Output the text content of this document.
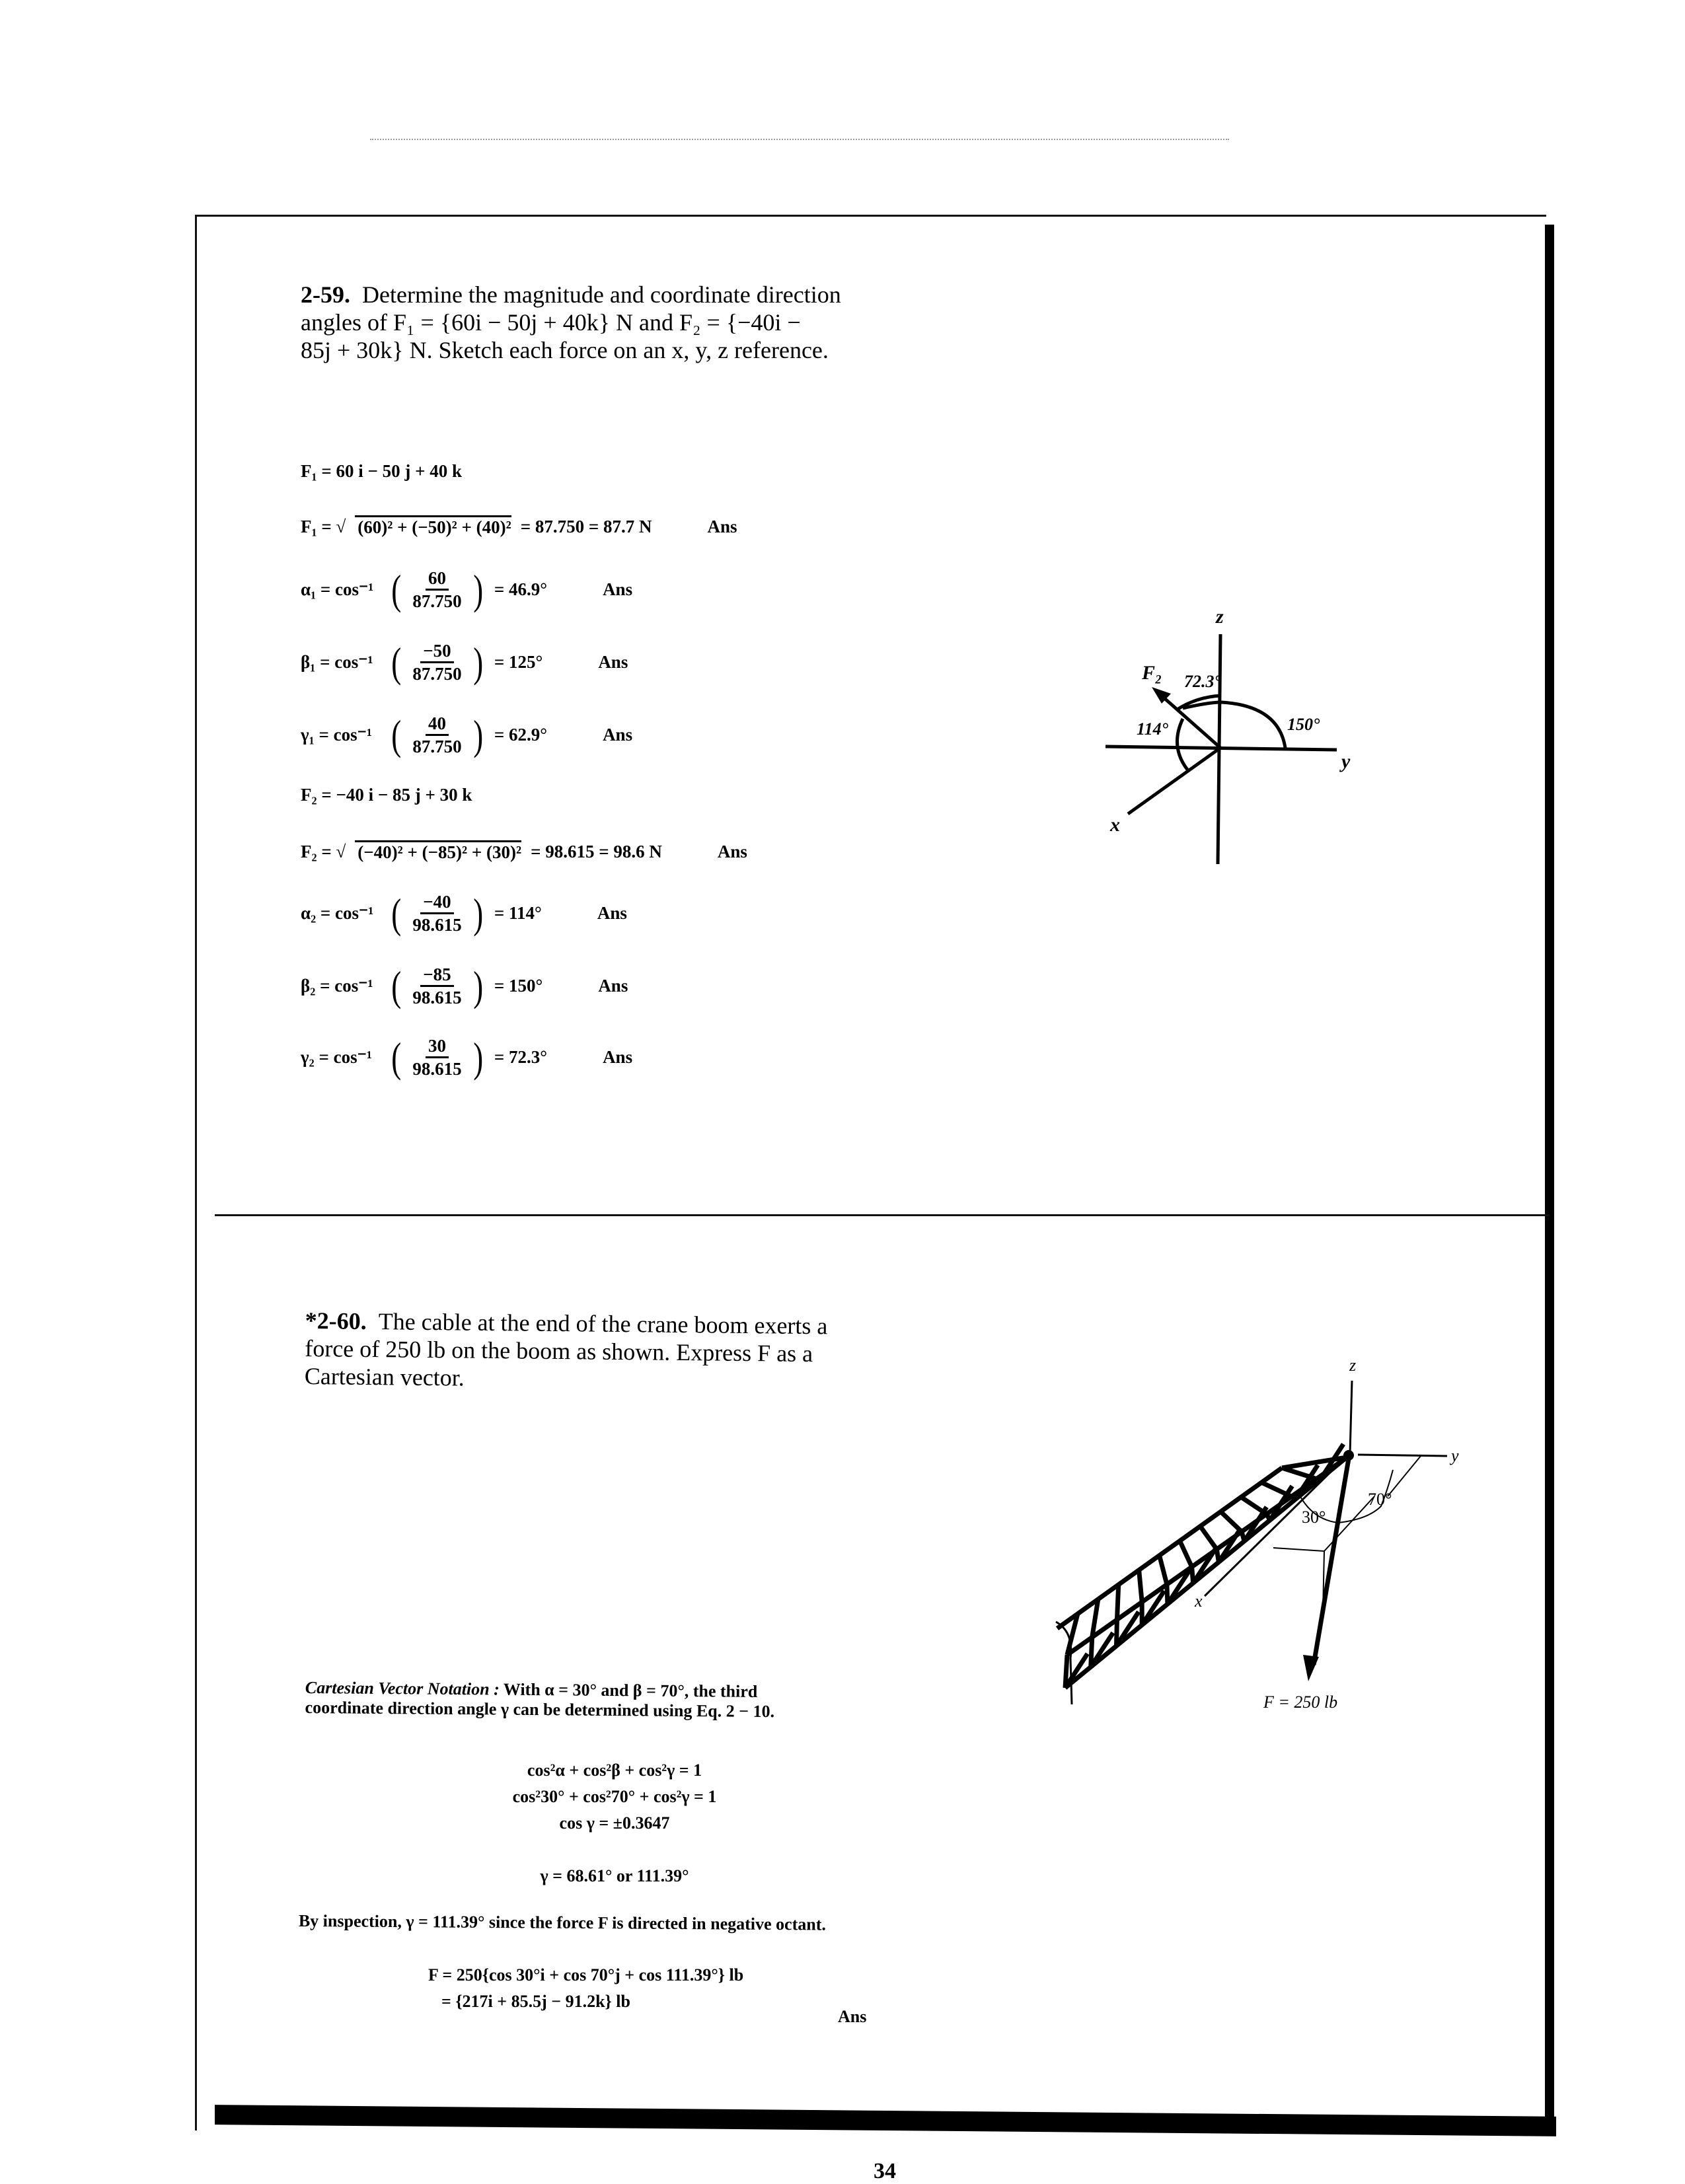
2-59. Determine the magnitude and coordinate direction
angles of F₁ = {60i − 50j + 40k} N and F₂ = {−40i −
85j + 30k} N. Sketch each force on an x, y, z reference.
F₁ = 60 i − 50 j + 40 k
F₁ = √ (60)² + (−50)² + (40)² = 87.750 = 87.7 N	Ans
α₁ = cos⁻¹ ( $\frac{60}{87.750}$ ) = 46.9°	Ans
β₁ = cos⁻¹ ( $\frac{-50}{87.750}$ ) = 125°	Ans
γ₁ = cos⁻¹ ( $\frac{40}{87.750}$ ) = 62.9°	Ans
F₂ = −40 i − 85 j + 30 k
F₂ = √ (−40)² + (−85)² + (30)² = 98.615 = 98.6 N	Ans
α₂ = cos⁻¹ ( $\frac{-40}{98.615}$ ) = 114°	Ans
β₂ = cos⁻¹ ( $\frac{-85}{98.615}$ ) = 150°	Ans
γ₂ = cos⁻¹ ( $\frac{30}{98.615}$ ) = 72.3°	Ans
z
y
x
F₂ 72.3°
114°	150°
*2-60. The cable at the end of the crane boom exerts a
force of 250 lb on the boom as shown. Express F as a
Cartesian vector.	z
y
x
30°
70°
F = 250 lb
Cartesian Vector Notation : With α = 30° and β = 70°, the third
coordinate direction angle γ can be determined using Eq. 2 − 10.
cos²α + cos²β + cos²γ = 1
cos²30° + cos²70° + cos²γ = 1
cos γ = ±0.3647
γ = 68.61° or 111.39°
By inspection, γ = 111.39° since the force F is directed in negative octant.
F = 250{cos 30°i + cos 70°j + cos 111.39°} lb
= {217i + 85.5j − 91.2k} lb
Ans
34
